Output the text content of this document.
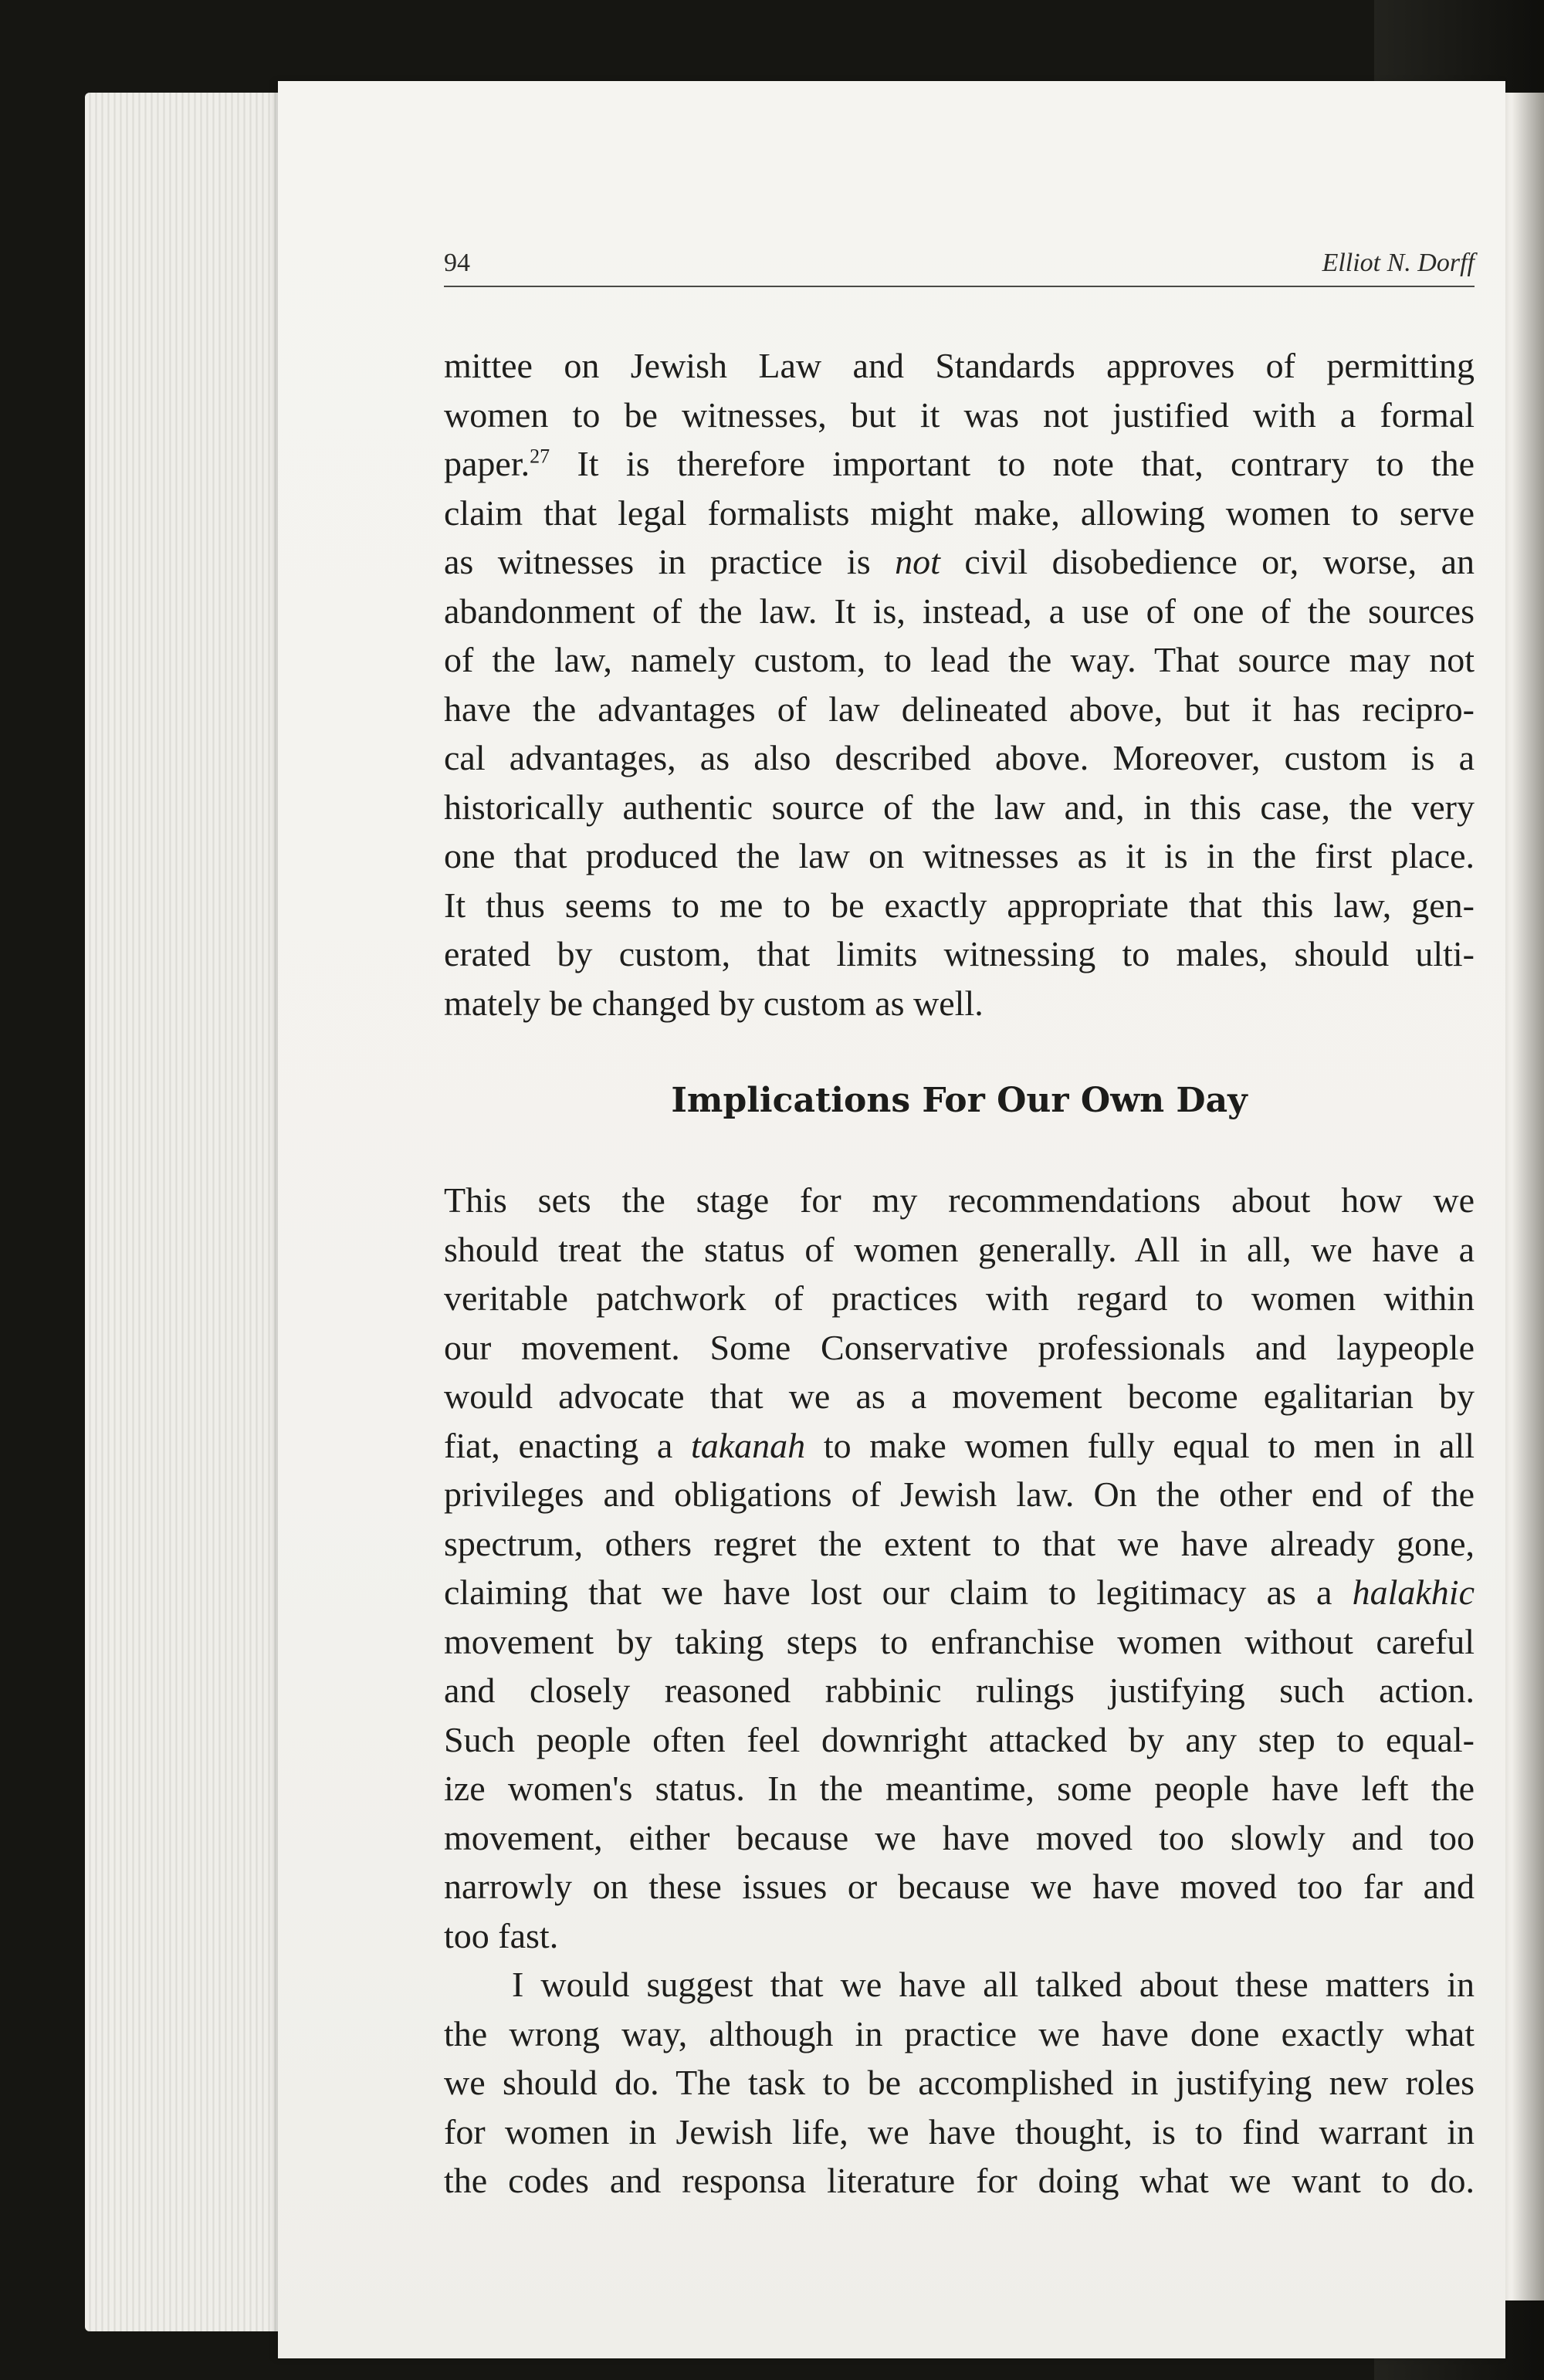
94	Elliot N. Dorff
mittee on Jewish Law and Standards approves of permitting
women to be witnesses, but it was not justified with a formal
paper.$^{27}$ It is therefore important to note that, contrary to the
claim that legal formalists might make, allowing women to serve
as witnesses in practice is not civil disobedience or, worse, an
abandonment of the law. It is, instead, a use of one of the sources
of the law, namely custom, to lead the way. That source may not
have the advantages of law delineated above, but it has recipro-
cal advantages, as also described above. Moreover, custom is a
historically authentic source of the law and, in this case, the very
one that produced the law on witnesses as it is in the first place.
It thus seems to me to be exactly appropriate that this law, gen-
erated by custom, that limits witnessing to males, should ulti-
mately be changed by custom as well.
Implications For Our Own Day
This sets the stage for my recommendations about how we
should treat the status of women generally. All in all, we have a
veritable patchwork of practices with regard to women within
our movement. Some Conservative professionals and laypeople
would advocate that we as a movement become egalitarian by
fiat, enacting a takanah to make women fully equal to men in all
privileges and obligations of Jewish law. On the other end of the
spectrum, others regret the extent to that we have already gone,
claiming that we have lost our claim to legitimacy as a halakhic
movement by taking steps to enfranchise women without careful
and closely reasoned rabbinic rulings justifying such action.
Such people often feel downright attacked by any step to equal-
ize women's status. In the meantime, some people have left the
movement, either because we have moved too slowly and too
narrowly on these issues or because we have moved too far and
too fast.
I would suggest that we have all talked about these matters in
the wrong way, although in practice we have done exactly what
we should do. The task to be accomplished in justifying new roles
for women in Jewish life, we have thought, is to find warrant in
the codes and responsa literature for doing what we want to do.
